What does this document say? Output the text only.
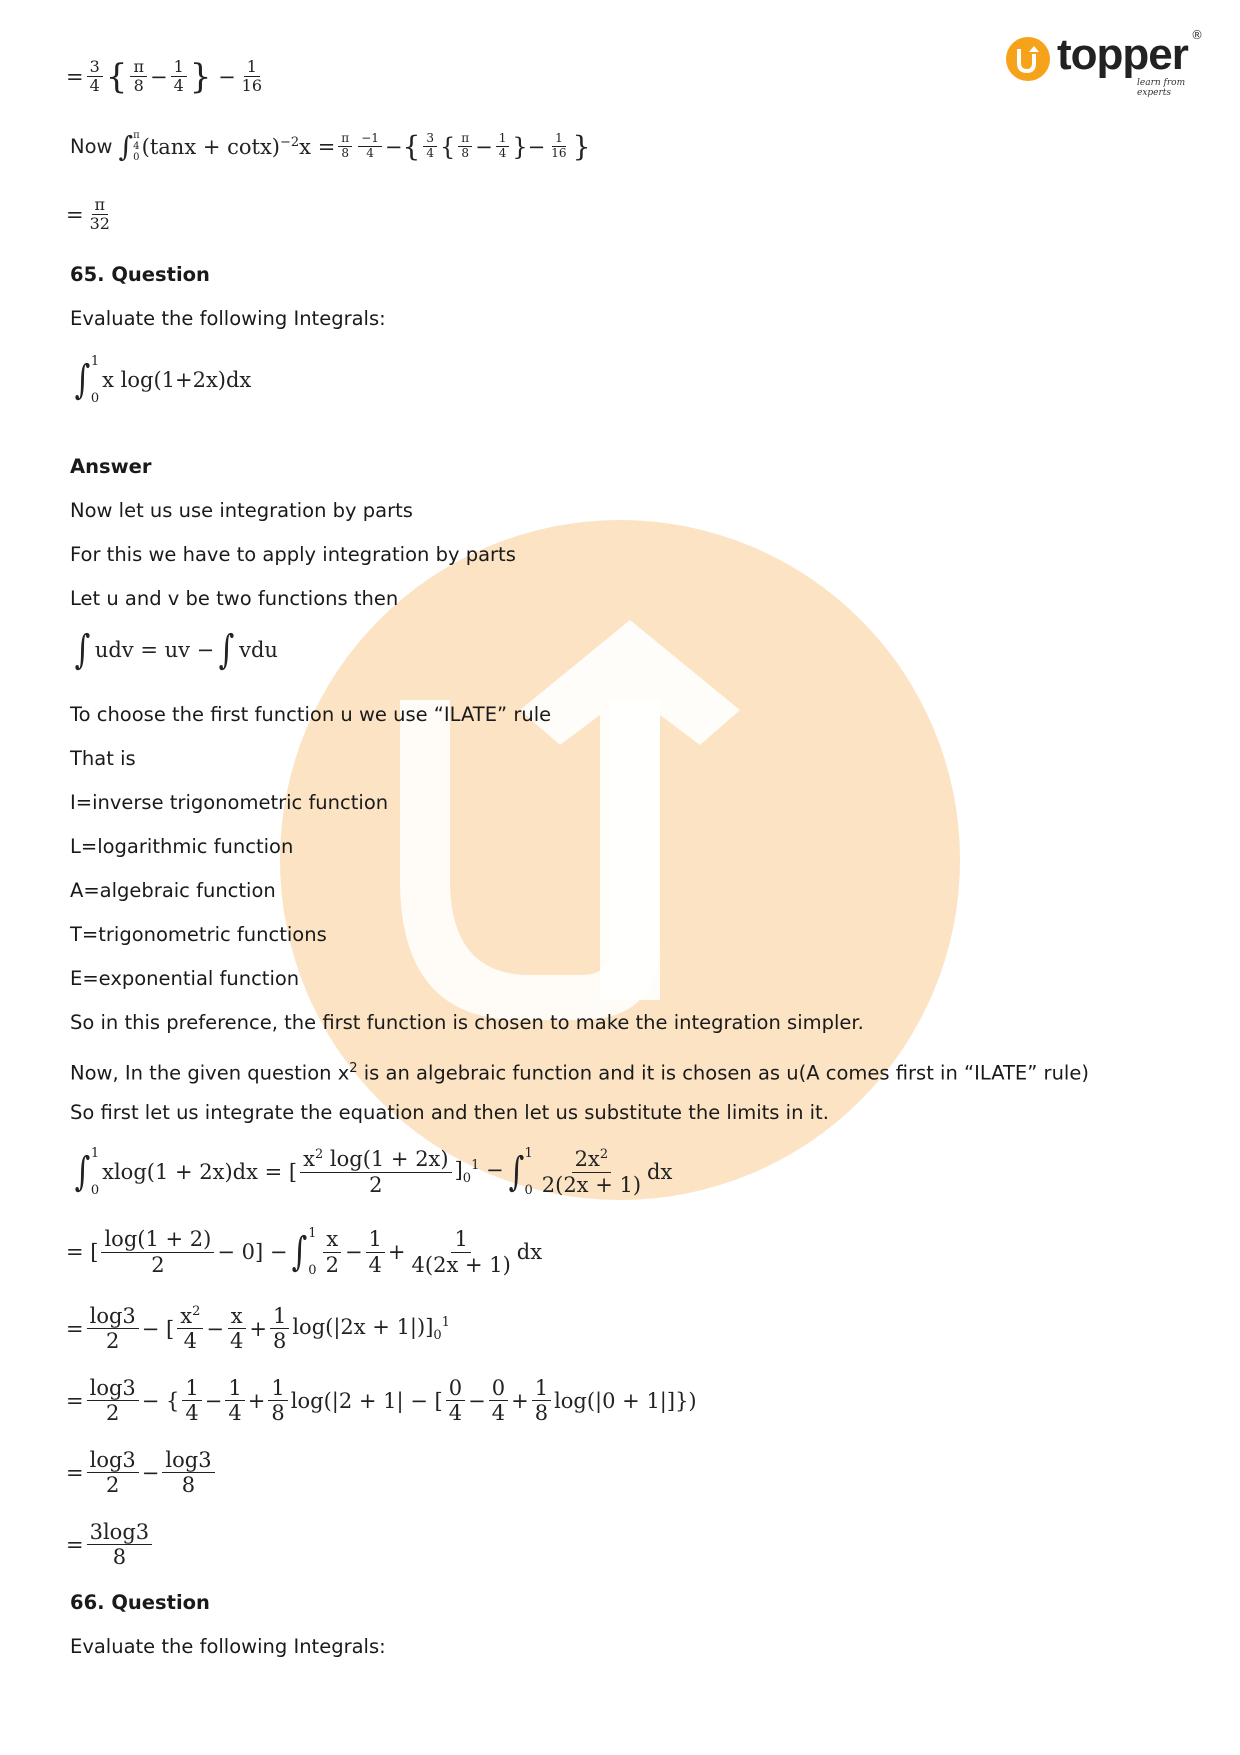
topper ®
learn from experts
= $\frac{3}{4}$ { $\frac{\pi}{8} - \frac{1}{4}$ } − $\frac{1}{16}$
Now ∫ π
4
0 $(\tan x + \cot x)^{-2}x = \frac{\pi}{8} \frac{-1}{4}$ − { $\frac{3}{4}$ { $\frac{\pi}{8} - \frac{1}{4}$ } − $\frac{1}{16}$ }
= $\frac{\pi}{32}$
65. Question
Evaluate the following Integrals:
∫ 1
0
x log(1+2x)dx
Answer
Now let us use integration by parts
For this we have to apply integration by parts
Let u and v be two functions then
∫ udv = uv − ∫ vdu
To choose the first function u we use “ILATE” rule
That is
I=inverse trigonometric function
L=logarithmic function
A=algebraic function
T=trigonometric functions
E=exponential function
So in this preference, the first function is chosen to make the integration simpler.
Now, In the given question $x^2$ is an algebraic function and it is chosen as u(A comes first in “ILATE” rule)
So first let us integrate the equation and then let us substitute the limits in it.
∫ 1
0
xlog(1 + 2x)dx = [ $\frac{x^2 \log(1 + 2x)}{2} ]_0^1$ − ∫ 1
$0 \frac{2x^2}{2(2x + 1)}$ dx
= [ $\frac{\log(1 + 2)}{2} - 0$] − ∫ 1
$0 \frac{x}{2} - \frac{1}{4} + \frac{1}{4(2x + 1)}$ dx
= $\frac{\log 3}{2}$ − [ $\frac{x^2}{4} - \frac{x}{4} + \frac{1}{8} \log(|2x + 1|)]_0^1$
= $\frac{\log 3}{2}$ − { $\frac{1}{4} - \frac{1}{4} + \frac{1}{8} \log(|2 + 1|$ − [ $\frac{0}{4} - \frac{0}{4} + \frac{1}{8} \log(|0 + 1|]$})
= $\frac{\log 3}{2} - \frac{\log 3}{8}$
= $\frac{3\log 3}{8}$
66. Question
Evaluate the following Integrals:
